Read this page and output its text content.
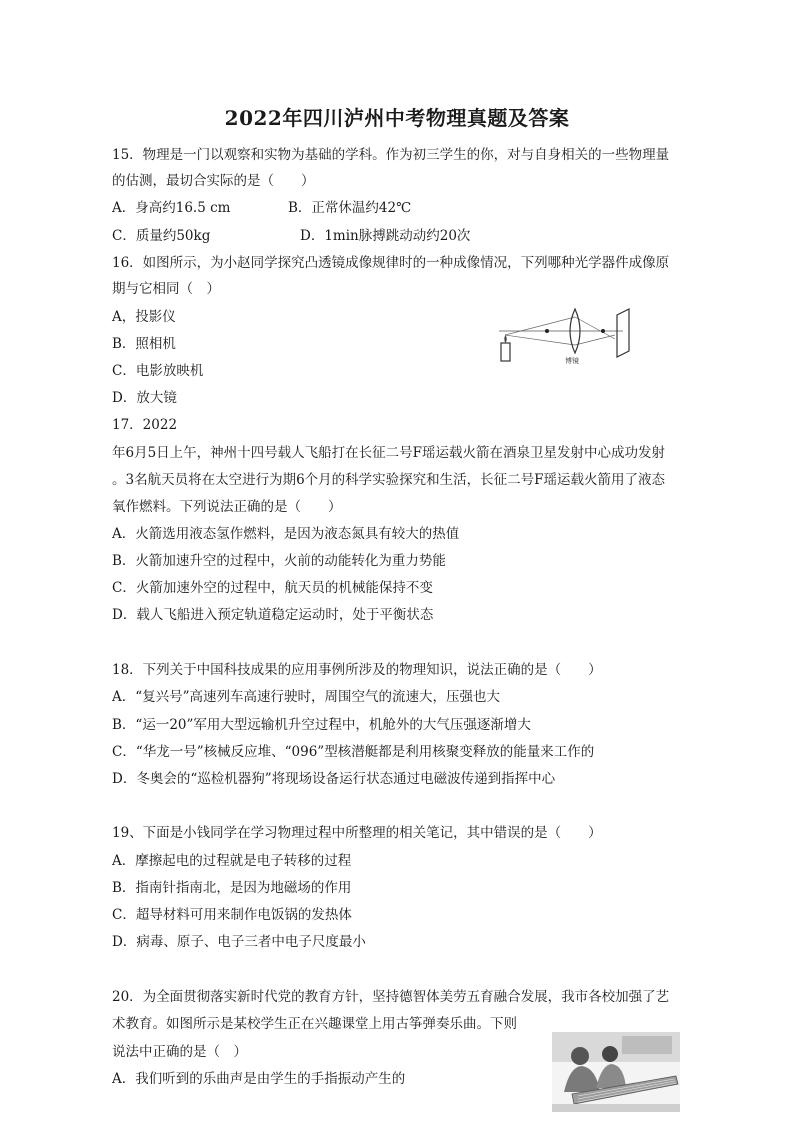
2022年四川泸州中考物理真题及答案
15．物理是一门以观察和实物为基础的学科。作为初三学生的你，对与自身相关的一些物理量
的估测，最切合实际的是（　　）
A．身高约16.5 cm	B．正常休温约42℃
C．质量约50kg	D．1min脉搏跳动动约20次
16．如图所示，为小赵同学探究凸透镜成像规律时的一种成像情况，下列哪种光学器件成像原
期与它相同（　）
A，投影仪
B．照相机
C．电影放映机
D．放大镜
博镜
17．2022
年6月5日上午，神州十四号载人飞船打在长征二号F瑶运载火箭在酒泉卫星发射中心成功发射
。3名航天员将在太空进行为期6个月的科学实验探究和生活，长征二号F瑶运载火箭用了液态
氧作燃料。下列说法正确的是（　　）
A．火箭选用液态氢作燃料，是因为液态氮具有较大的热值
B．火箭加速升空的过程中，火前的动能转化为重力势能
C．火箭加速外空的过程中，航天员的机械能保持不变
D．载人飞船进入预定轨道稳定运动时，处于平衡状态
18．下列关于中国科技成果的应用事例所涉及的物理知识，说法正确的是（　　）
A．“复兴号”高速列车高速行驶时，周围空气的流速大，压强也大
B．“运一20”军用大型远输机升空过程中，机舱外的大气压强逐渐增大
C．“华龙一号”核械反应堆、“096”型核潜艇都是利用核聚变释放的能量来工作的
D．冬奥会的“巡检机器狗”将现场设备运行状态通过电磁波传递到指挥中心
19、下面是小钱同学在学习物理过程中所整理的相关笔记，其中错误的是（　　）
A．摩擦起电的过程就是电子转移的过程
B．指南针指南北，是因为地磁场的作用
C．超导材料可用来制作电饭锅的发热体
D．病毒、原子、电子三者中电子尺度最小
20．为全面贯彻落实新时代党的教育方针，坚持德智体美劳五育融合发展，我市各校加强了艺
术教育。如图所示是某校学生正在兴趣课堂上用古筝弹奏乐曲。下则
说法中正确的是（　）
A．我们听到的乐曲声是由学生的手指振动产生的
